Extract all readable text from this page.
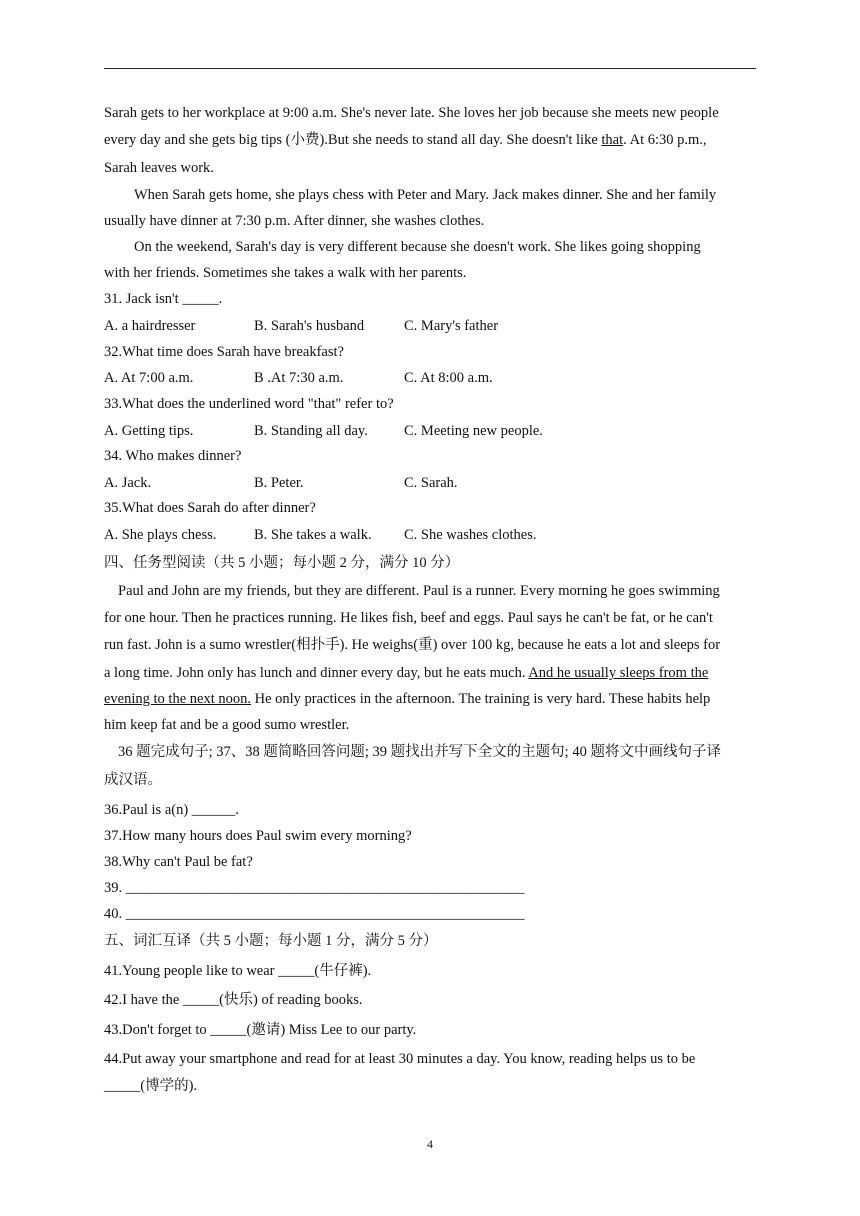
Sarah gets to her workplace at 9:00 a.m. She's never late. She loves her job because she meets new people
every day and she gets big tips (小费).But she needs to stand all day. She doesn't like that. At 6:30 p.m.,
Sarah leaves work.
When Sarah gets home, she plays chess with Peter and Mary. Jack makes dinner. She and her family
usually have dinner at 7:30 p.m. After dinner, she washes clothes.
On the weekend, Sarah's day is very different because she doesn't work. She likes going shopping
with her friends. Sometimes she takes a walk with her parents.
31. Jack isn't _____.
A. a hairdresser	B. Sarah's husband	C. Mary's father
32.What time does Sarah have breakfast?
A. At 7:00 a.m.	B .At 7:30 a.m.	C. At 8:00 a.m.
33.What does the underlined word "that" refer to?
A. Getting tips.	B. Standing all day. C. Meeting new people.
34. Who makes dinner?
A. Jack.	B. Peter.	C. Sarah.
35.What does Sarah do after dinner?
A. She plays chess.	B. She takes a walk. C. She washes clothes.
四、任务型阅读（共 5 小题；每小题 2 分，满分 10 分）
Paul and John are my friends, but they are different. Paul is a runner. Every morning he goes swimming
for one hour. Then he practices running. He likes fish, beef and eggs. Paul says he can't be fat, or he can't
run fast. John is a sumo wrestler(相扑手). He weighs(重) over 100 kg, because he eats a lot and sleeps for
a long time. John only has lunch and dinner every day, but he eats much. And he usually sleeps from the
evening to the next noon. He only practices in the afternoon. The training is very hard. These habits help
him keep fat and be a good sumo wrestler.
36 题完成句子; 37、38 题简略回答问题; 39 题找出并写下全文的主题句; 40 题将文中画线句子译
成汉语。
36.Paul is a(n) ______.
37.How many hours does Paul swim every morning?
38.Why can't Paul be fat?
39. _______________________________________________________
40. _______________________________________________________
五、词汇互译（共 5 小题；每小题 1 分，满分 5 分）
41.Young people like to wear _____(牛仔裤).
42.I have the _____(快乐) of reading books.
43.Don't forget to _____(邀请) Miss Lee to our party.
44.Put away your smartphone and read for at least 30 minutes a day. You know, reading helps us to be
_____(博学的).
4
